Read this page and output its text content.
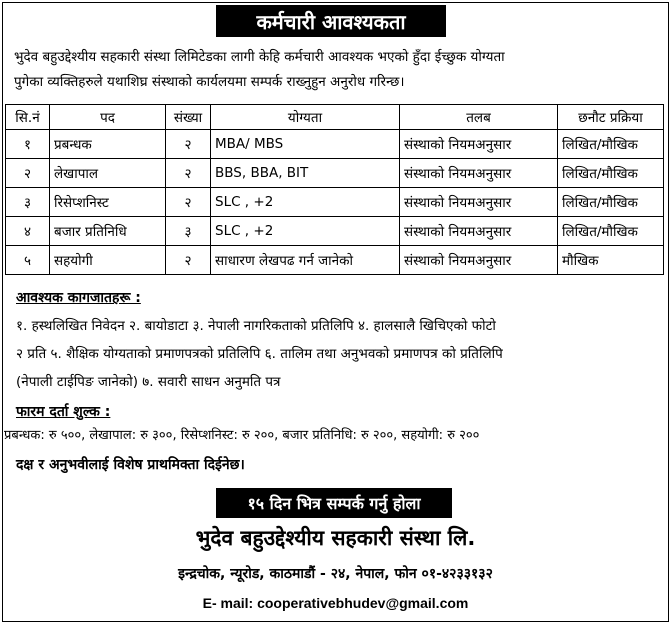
कर्मचारी आवश्यकता
भुदेव बहुउद्देश्यीय सहकारी संस्था लिमिटेडका लागी केहि कर्मचारी आवश्यक भएको हुँदा ईच्छुक योग्यता
पुगेका व्यक्तिहरुले यथाशिघ्र संस्थाको कार्यलयमा सम्पर्क राख्नुहुन अनुरोध गरिन्छ।
सि.नं	पद	संख्या	योग्यता	तलब	छनौट प्रक्रिया
१	प्रबन्धक	२	MBA/ MBS	संस्थाको नियमअनुसार	लिखित/मौखिक
२	लेखापाल	२	BBS, BBA, BIT	संस्थाको नियमअनुसार	लिखित/मौखिक
३	रिसेप्शनिस्ट	२	SLC , +2	संस्थाको नियमअनुसार	लिखित/मौखिक
४	बजार प्रतिनिधि	३	SLC , +2	संस्थाको नियमअनुसार	लिखित/मौखिक
५	सहयोगी	२	साधारण लेखपढ गर्न जानेको	संस्थाको नियमअनुसार	मौखिक
आवश्यक कागजातहरू :
१. हस्थलिखित निवेदन २. बायोडाटा ३. नेपाली नागरिकताको प्रतिलिपि ४. हालसालै खिचिएको फोटो
२ प्रति ५. शैक्षिक योग्यताको प्रमाणपत्रको प्रतिलिपि ६. तालिम तथा अनुभवको प्रमाणपत्र को प्रतिलिपि
(नेपाली टाईपिङ जानेको) ७. सवारी साधन अनुमति पत्र
फारम दर्ता शुल्क :
प्रबन्धक: रु ५००, लेखापाल: रु ३००, रिसेप्शनिस्ट: रु २००, बजार प्रतिनिधि: रु २००, सहयोगी: रु २००
दक्ष र अनुभवीलाई विशेष प्राथमिक्ता दिईनेछ।
१५ दिन भित्र सम्पर्क गर्नु होला
भुदेव बहुउद्देश्यीय सहकारी संस्था लि.
इन्द्रचोक, न्यूरोड, काठमाडौं - २४, नेपाल, फोन ०१-४२३३१३२
E- mail: cooperativebhudev@gmail.com
